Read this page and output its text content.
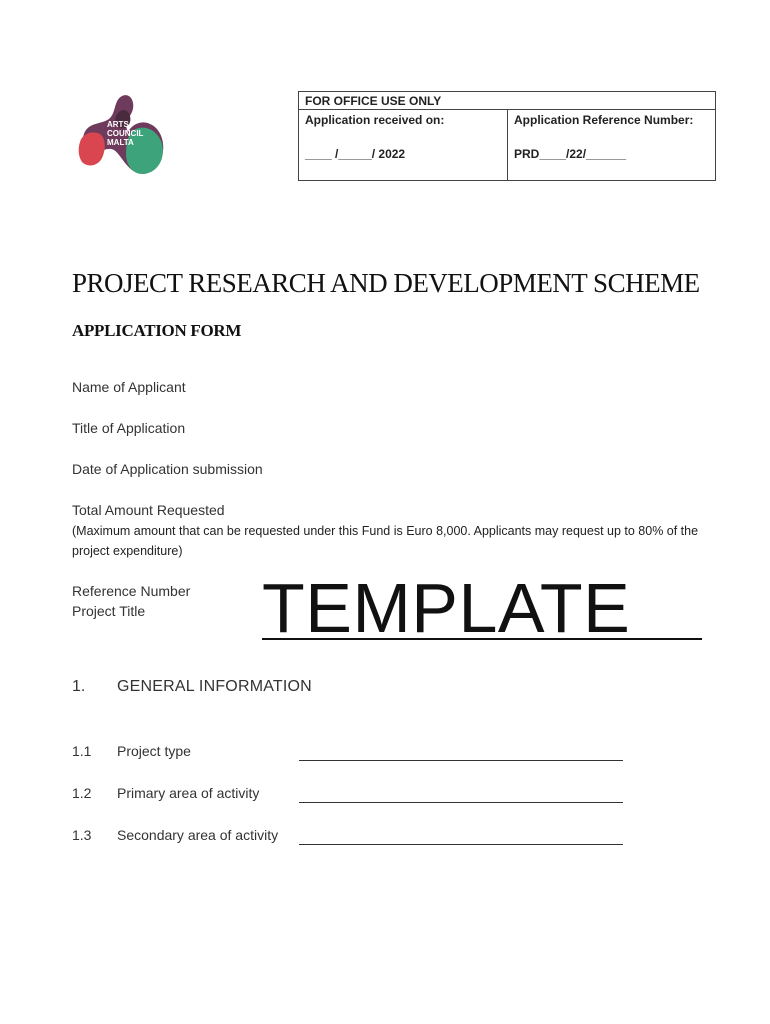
ARTS
COUNCIL
MALTA
FOR OFFICE USE ONLY
Application received on:
____ /_____/ 2022
Application Reference Number:
PRD____/22/______
PROJECT RESEARCH AND DEVELOPMENT SCHEME
APPLICATION FORM
Name of Applicant
Title of Application
Date of Application submission
Total Amount Requested
(Maximum amount that can be requested under this Fund is Euro 8,000. Applicants may request up to 80% of the project expenditure)
Reference Number
Project Title TEMPLATE
1. GENERAL INFORMATION
1.1 Project type
1.2 Primary area of activity
1.3 Secondary area of activity
